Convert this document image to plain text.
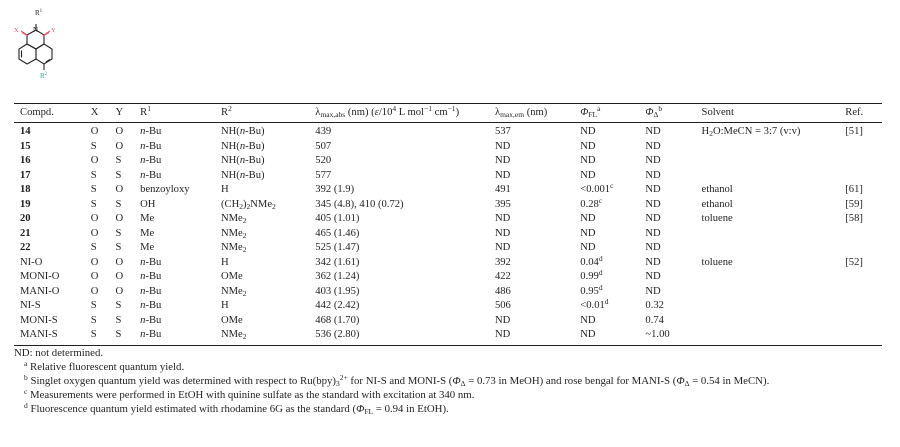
$R^1$
N
X	Y
$R^2$
Compd.	X	Y	$R^1$	$R^2$	$\lambda_{max,abs}$ (nm) ($\varepsilon/10^4$ L mol$^{-1}$ $cm^{-1}$)	$\lambda_{max,em}$ (nm)	$\Phi_{FL}^a$	$\Phi_\Delta^b$	Solvent	Ref.
14	O	O	n-Bu	NH(n-Bu)	439	537	ND	ND	$H_2O:MeCN$ = 3:7 (v:v)	[51]
15	S	O	n-Bu	NH(n-Bu)	507	ND	ND	ND		
16	O	S	n-Bu	NH(n-Bu)	520	ND	ND	ND		
17	S	S	n-Bu	NH(n-Bu)	577	ND	ND	ND		
18	S	O	benzoyloxy	H	392 (1.9)	491	<0.001$^c$	ND	ethanol	[61]
19	S	S	OH	$(CH_2)_2NMe_2$	345 (4.8), 410 (0.72)	395	0.28$^c$	ND	ethanol	[59]
20	O	O	Me	NMe$_2$	405 (1.01)	ND	ND	ND	toluene	[58]
21	O	S	Me	NMe$_2$	465 (1.46)	ND	ND	ND		
22	S	S	Me	NMe$_2$	525 (1.47)	ND	ND	ND		
NI-O	O	O	n-Bu	H	342 (1.61)	392	0.04$^d$	ND	toluene	[52]
MONI-O	O	O	n-Bu	OMe	362 (1.24)	422	0.99$^d$	ND		
MANI-O	O	O	n-Bu	NMe$_2$	403 (1.95)	486	0.95$^d$	ND		
NI-S	S	S	n-Bu	H	442 (2.42)	506	<0.01$^d$	0.32		
MONI-S	S	S	n-Bu	OMe	468 (1.70)	ND	ND	0.74		
MANI-S	S	S	n-Bu	NMe$_2$	536 (2.80)	ND	ND	~1.00		
ND: not determined.
$^a$ Relative fluorescent quantum yield.
$^b$ Singlet oxygen quantum yield was determined with respect to $Ru(bpy)_3^{2+}$ for NI-S and MONI-S ($\Phi_\Delta = 0.73$ in MeOH) and rose bengal for MANI-S ($\Phi_\Delta = 0.54$ in MeCN).
$^c$ Measurements were performed in EtOH with quinine sulfate as the standard with excitation at 340 nm.
$^d$ Fluorescence quantum yield estimated with rhodamine 6G as the standard ($\Phi_{FL} = 0.94$ in EtOH).
